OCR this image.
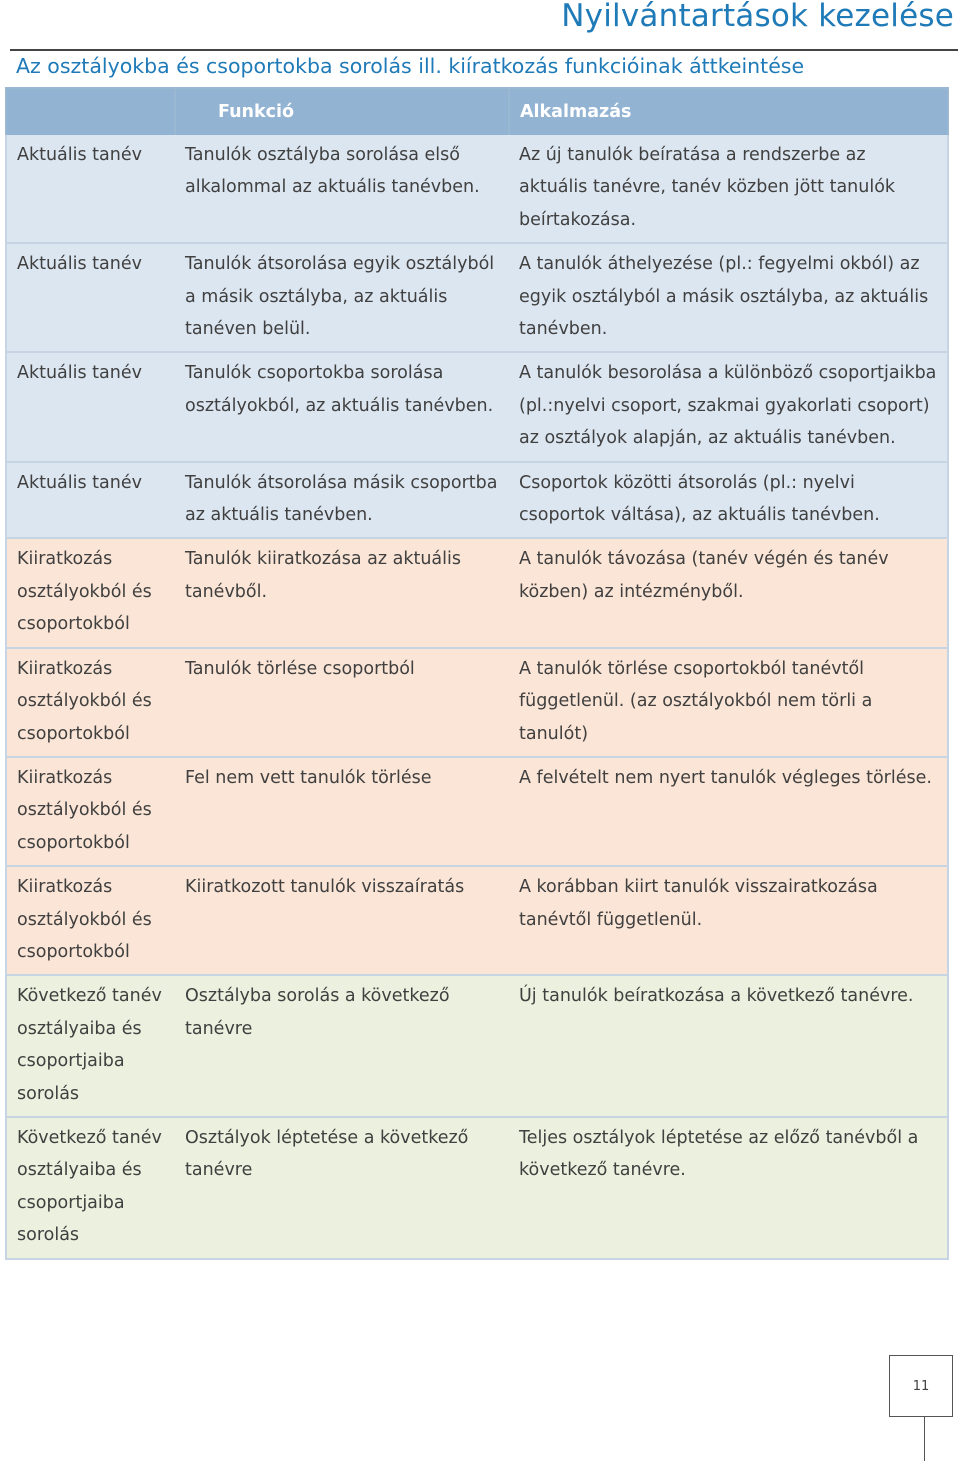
Nyilvántartások kezelése
Az osztályokba és csoportokba sorolás ill. kiíratkozás funkcióinak áttkeintése
	Funkció	Alkalmazás
Aktuális tanév	Tanulók osztályba sorolása első alkalommal az aktuális tanévben.	Az új tanulók beíratása a rendszerbe az aktuális tanévre, tanév közben jött tanulók beírtakozása.
Aktuális tanév	Tanulók átsorolása egyik osztályból a másik osztályba, az aktuális tanéven belül.	A tanulók áthelyezése (pl.: fegyelmi okból) az egyik osztályból a másik osztályba, az aktuális tanévben.
Aktuális tanév	Tanulók csoportokba sorolása osztályokból, az aktuális tanévben.	A tanulók besorolása a különböző csoportjaikba (pl.:nyelvi csoport, szakmai gyakorlati csoport) az osztályok alapján, az aktuális tanévben.
Aktuális tanév	Tanulók átsorolása másik csoportba az aktuális tanévben.	Csoportok közötti átsorolás (pl.: nyelvi csoportok váltása), az aktuális tanévben.
Kiiratkozás osztályokból és csoportokból	Tanulók kiiratkozása az aktuális tanévből.	A tanulók távozása (tanév végén és tanév közben) az intézményből.
Kiiratkozás osztályokból és csoportokból	Tanulók törlése csoportból	A tanulók törlése csoportokból tanévtől függetlenül. (az osztályokból nem törli a tanulót)
Kiiratkozás osztályokból és csoportokból	Fel nem vett tanulók törlése	A felvételt nem nyert tanulók végleges törlése.
Kiiratkozás osztályokból és csoportokból	Kiiratkozott tanulók visszaíratás	A korábban kiirt tanulók visszairatkozása tanévtől függetlenül.
Következő tanév osztályaiba és csoportjaiba sorolás	Osztályba sorolás a következő tanévre	Új tanulók beíratkozása a következő tanévre.
Következő tanév osztályaiba és csoportjaiba sorolás	Osztályok léptetése a következő tanévre	Teljes osztályok léptetése az előző tanévből a következő tanévre.
11
